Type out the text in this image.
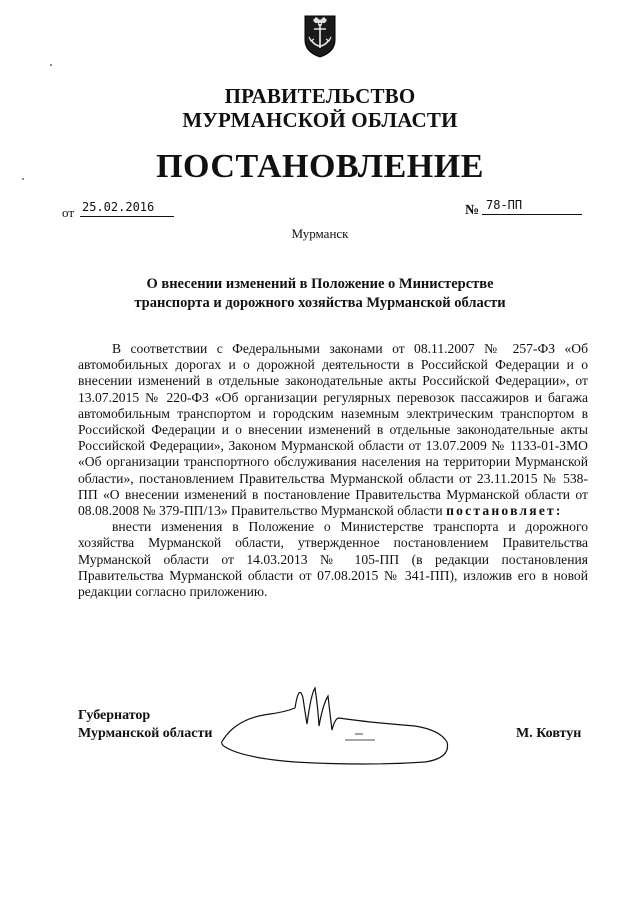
ПРАВИТЕЛЬСТВО
МУРМАНСКОЙ ОБЛАСТИ
ПОСТАНОВЛЕНИЕ
от 25.02.2016	№ 78-ПП
Мурманск
О внесении изменений в Положение о Министерстве
транспорта и дорожного хозяйства Мурманской области

В соответствии с Федеральными законами от 08.11.2007 № 257-ФЗ «Об автомобильных дорогах и о дорожной деятельности в Российской Федерации и о внесении изменений в отдельные законодательные акты Российской Федерации», от 13.07.2015 № 220-ФЗ «Об организации регулярных перевозок пассажиров и багажа автомобильным транспортом и городским наземным электрическим транспортом в Российской Федерации и о внесении изменений в отдельные законодательные акты Российской Федерации», Законом Мурманской области от 13.07.2009 № 1133-01-ЗМО «Об организации транспортного обслуживания населения на территории Мурманской области», постановлением Правительства Мурманской области от 23.11.2015 № 538-ПП «О внесении изменений в постановление Правительства Мурманской области от 08.08.2008 № 379-ПП/13» Правительство Мурманской области постановляет:

внести изменения в Положение о Министерстве транспорта и дорожного хозяйства Мурманской области, утвержденное постановлением Правительства Мурманской области от 14.03.2013 № 105-ПП (в редакции постановления Правительства Мурманской области от 07.08.2015 № 341-ПП), изложив его в новой редакции согласно приложению.

Губернатор
Мурманской области	М. Ковтун
